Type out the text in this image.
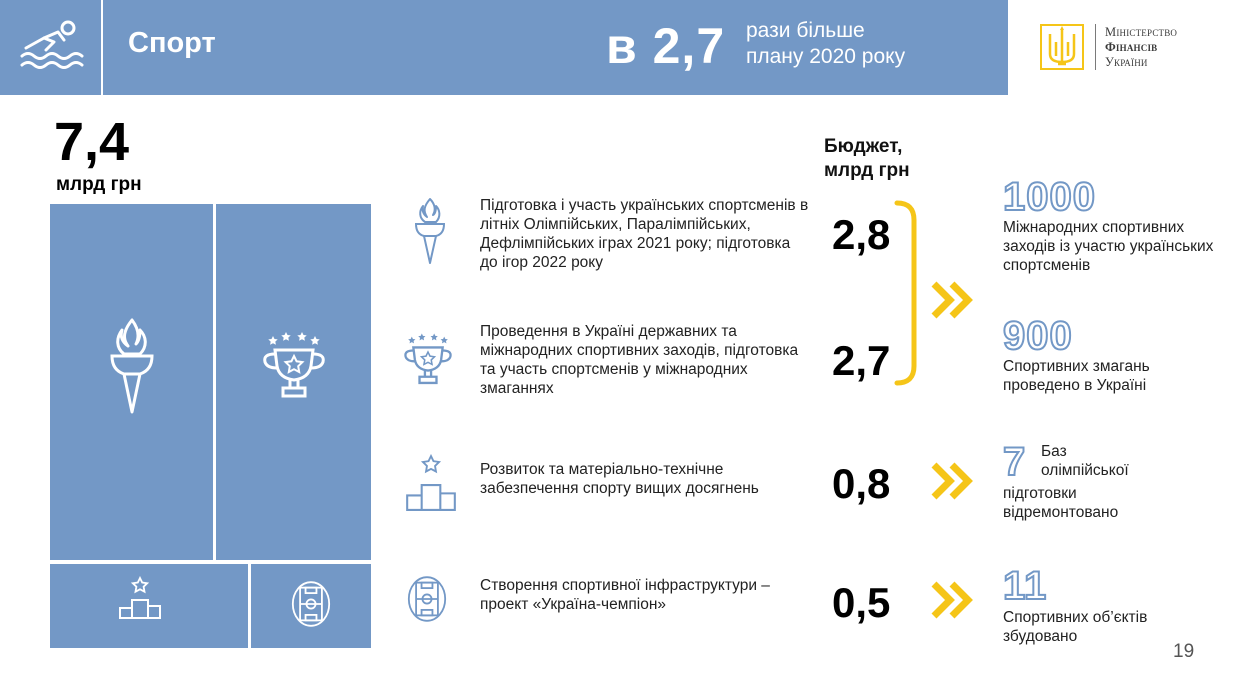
Спорт	в 2,7 рази більше
плану 2020 року
Міністерство
Фінансів
України
7,4
млрд грн
Бюджет,
млрд грн
Підготовка і участь українських спортсменів в літніх Олімпійських, Паралімпійських, Дефлімпійських іграх 2021 року; підготовка до ігор 2022 року
2,8
Проведення в Україні державних та міжнародних спортивних заходів, підготовка та участь спортсменів у міжнародних змаганнях
2,7
Розвиток та матеріально-технічне забезпечення спорту вищих досягнень	0,8
Створення спортивної інфраструктури – проект «Україна-чемпіон»	0,5
1000
Міжнародних спортивних заходів із участю українських спортсменів
900
Спортивних змагань проведено в Україні
7 Баз олімпійської
підготовки відремонтовано
11
Спортивних об’єктів збудовано
19
